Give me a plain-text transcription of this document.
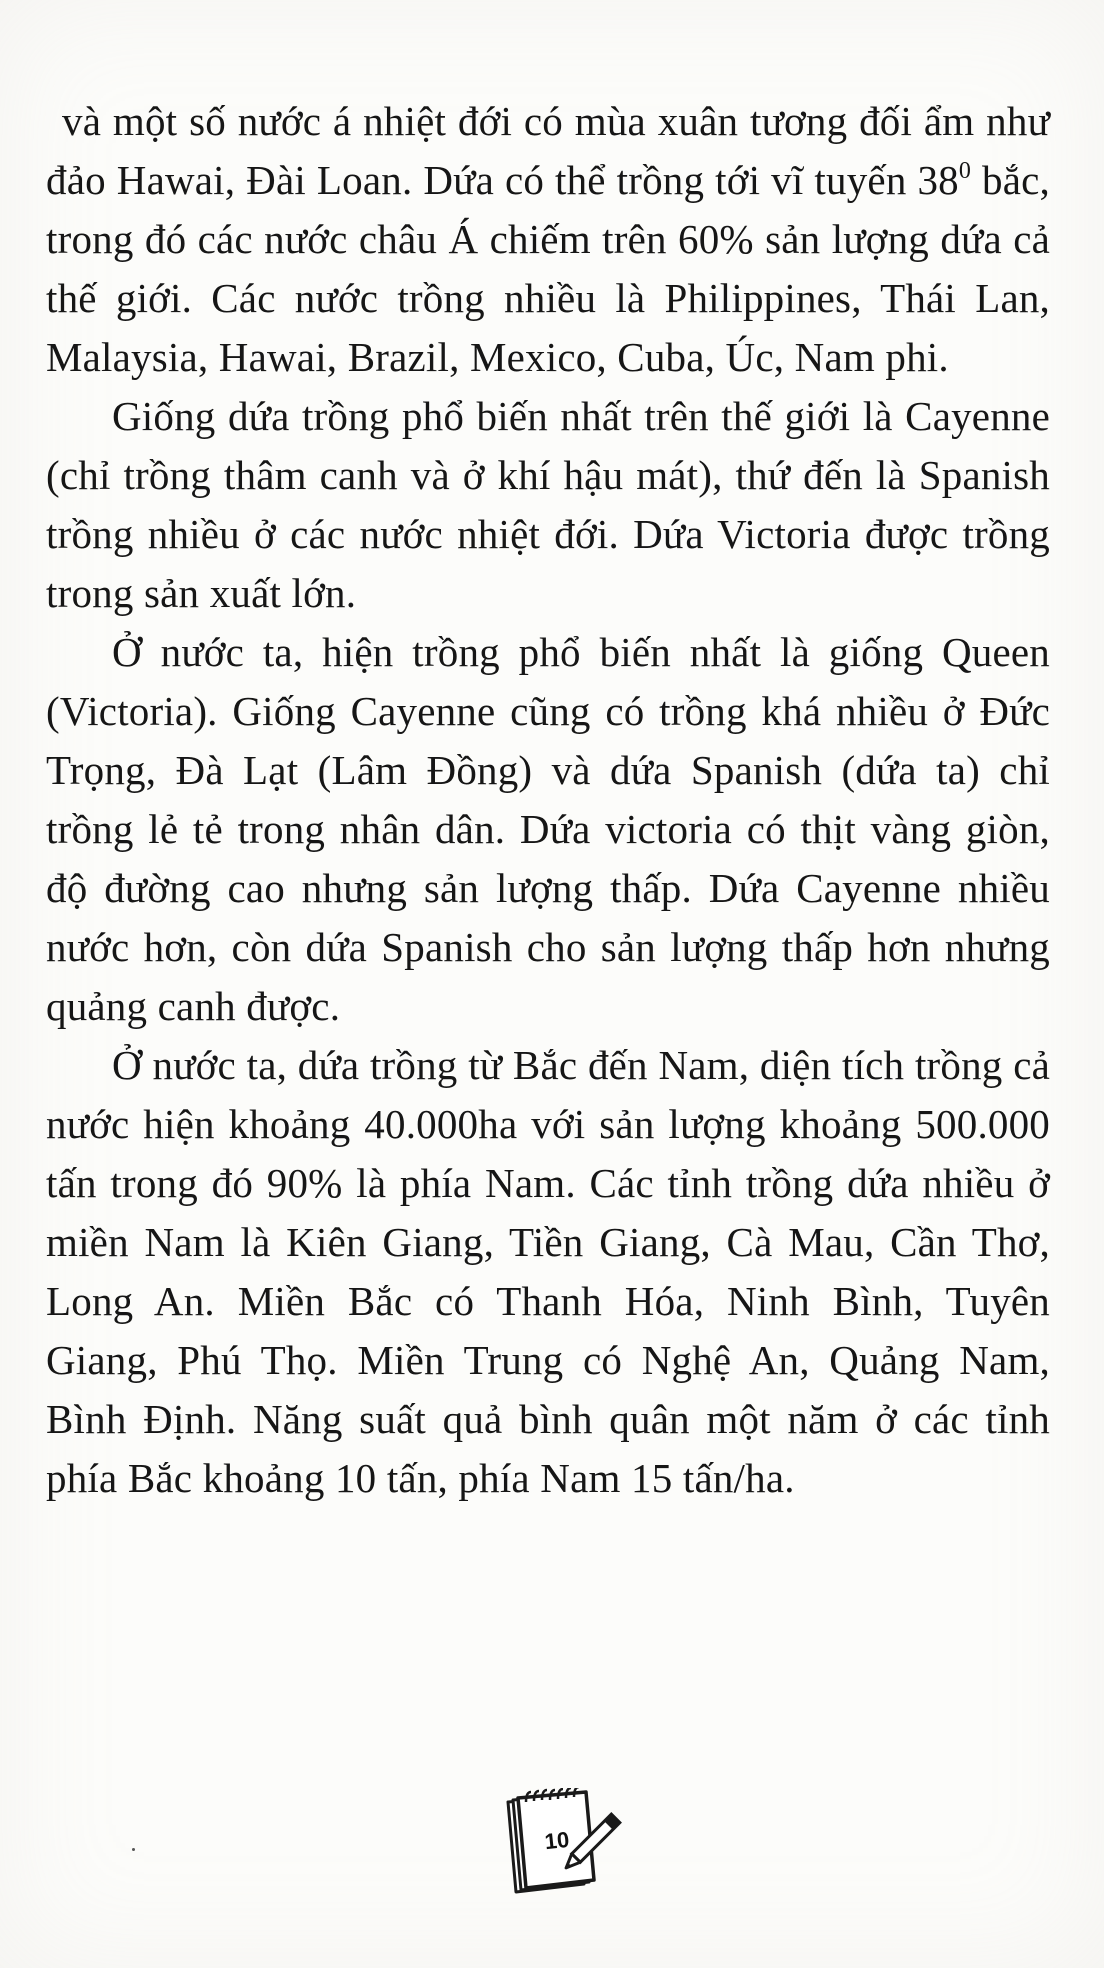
và một số nước á nhiệt đới có mùa xuân tương đối ẩm như đảo Hawai, Đài Loan. Dứa có thể trồng tới vĩ tuyến $38^0$ bắc, trong đó các nước châu Á chiếm trên 60% sản lượng dứa cả thế giới. Các nước trồng nhiều là Philippines, Thái Lan, Malaysia, Hawai, Brazil, Mexico, Cuba, Úc, Nam phi.

Giống dứa trồng phổ biến nhất trên thế giới là Cayenne (chỉ trồng thâm canh và ở khí hậu mát), thứ đến là Spanish trồng nhiều ở các nước nhiệt đới. Dứa Victoria được trồng trong sản xuất lớn.

Ở nước ta, hiện trồng phổ biến nhất là giống Queen (Victoria). Giống Cayenne cũng có trồng khá nhiều ở Đức Trọng, Đà Lạt (Lâm Đồng) và dứa Spanish (dứa ta) chỉ trồng lẻ tẻ trong nhân dân. Dứa victoria có thịt vàng giòn, độ đường cao nhưng sản lượng thấp. Dứa Cayenne nhiều nước hơn, còn dứa Spanish cho sản lượng thấp hơn nhưng quảng canh được.

Ở nước ta, dứa trồng từ Bắc đến Nam, diện tích trồng cả nước hiện khoảng 40.000ha với sản lượng khoảng 500.000 tấn trong đó 90% là phía Nam. Các tỉnh trồng dứa nhiều ở miền Nam là Kiên Giang, Tiền Giang, Cà Mau, Cần Thơ, Long An. Miền Bắc có Thanh Hóa, Ninh Bình, Tuyên Giang, Phú Thọ. Miền Trung có Nghệ An, Quảng Nam, Bình Định. Năng suất quả bình quân một năm ở các tỉnh phía Bắc khoảng 10 tấn, phía Nam 15 tấn/ha.

10
